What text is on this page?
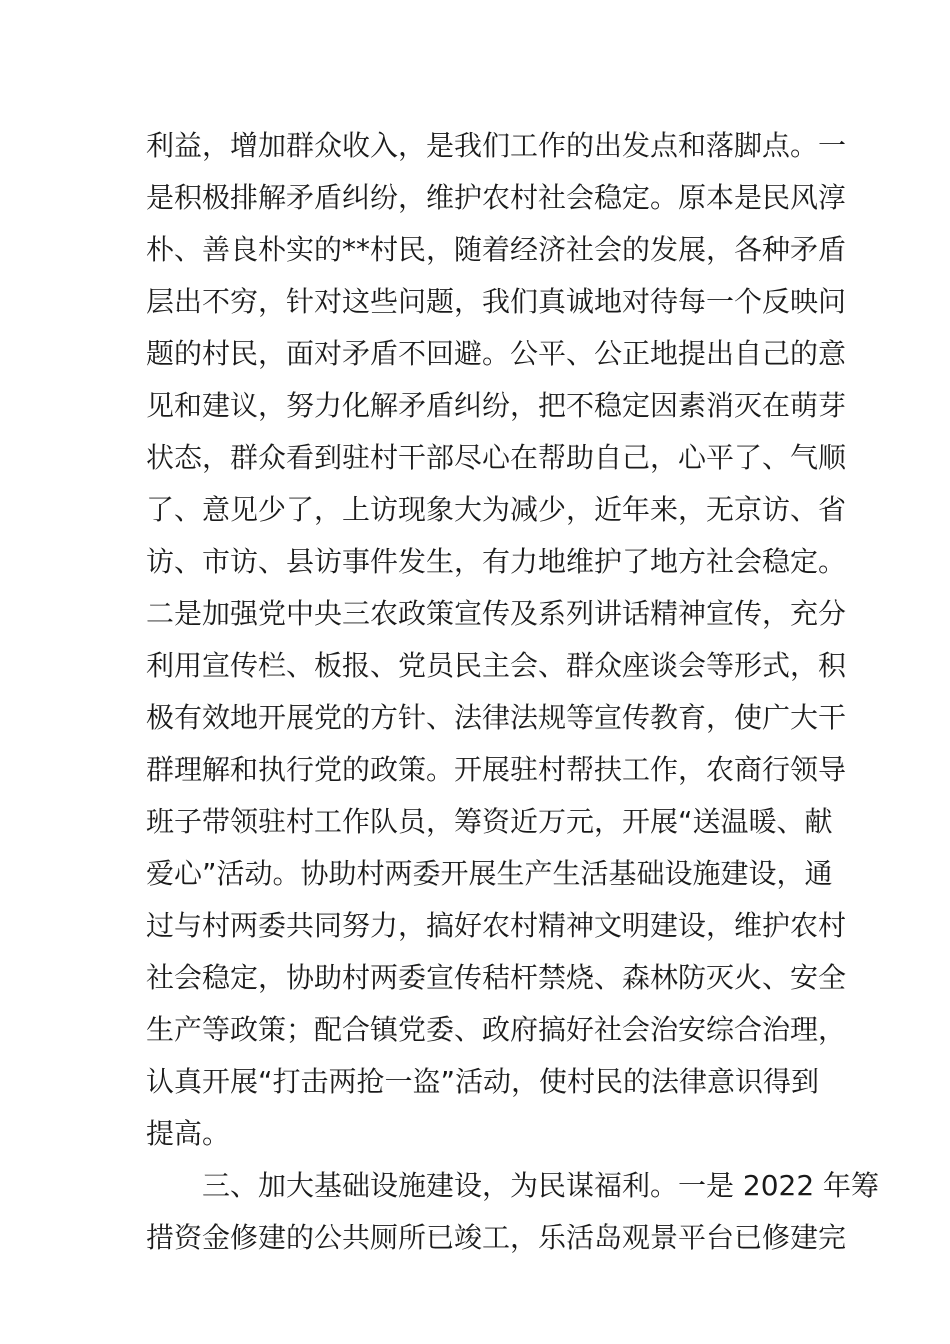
利益，增加群众收入，是我们工作的出发点和落脚点。一
是积极排解矛盾纠纷，维护农村社会稳定。原本是民风淳
朴、善良朴实的**村民，随着经济社会的发展，各种矛盾
层出不穷，针对这些问题，我们真诚地对待每一个反映问
题的村民，面对矛盾不回避。公平、公正地提出自己的意
见和建议，努力化解矛盾纠纷，把不稳定因素消灭在萌芽
状态，群众看到驻村干部尽心在帮助自己，心平了、气顺
了、意见少了，上访现象大为减少，近年来，无京访、省
访、市访、县访事件发生，有力地维护了地方社会稳定。
二是加强党中央三农政策宣传及系列讲话精神宣传，充分
利用宣传栏、板报、党员民主会、群众座谈会等形式，积
极有效地开展党的方针、法律法规等宣传教育，使广大干
群理解和执行党的政策。开展驻村帮扶工作，农商行领导
班子带领驻村工作队员，筹资近万元，开展“送温暖、献
爱心”活动。协助村两委开展生产生活基础设施建设，通
过与村两委共同努力，搞好农村精神文明建设，维护农村
社会稳定，协助村两委宣传秸杆禁烧、森林防灭火、安全
生产等政策；配合镇党委、政府搞好社会治安综合治理，
认真开展“打击两抢一盗”活动，使村民的法律意识得到
提高。
三、加大基础设施建设，为民谋福利。一是 2022 年筹
措资金修建的公共厕所已竣工，乐活岛观景平台已修建完
